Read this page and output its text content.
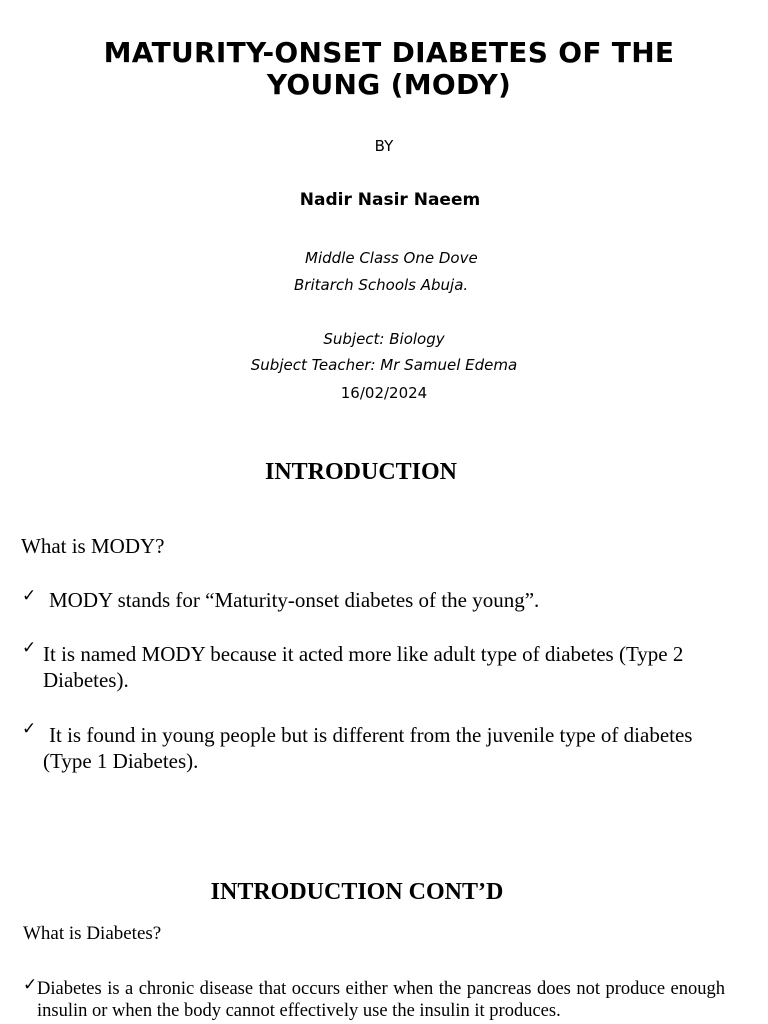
MATURITY-ONSET DIABETES OF THE YOUNG (MODY)
BY
Nadir Nasir Naeem
Middle Class One Dove
Britarch Schools Abuja.
Subject: Biology
Subject Teacher: Mr Samuel Edema
16/02/2024
INTRODUCTION
What is MODY?
✓ MODY stands for “Maturity-onset diabetes of the young”.
✓ It is named MODY because it acted more like adult type of diabetes (Type 2 Diabetes).
✓ It is found in young people but is different from the juvenile type of diabetes (Type 1 Diabetes).
INTRODUCTION CONT’D
What is Diabetes?
✓ Diabetes is a chronic disease that occurs either when the pancreas does not produce enough insulin or when the body cannot effectively use the insulin it produces.
